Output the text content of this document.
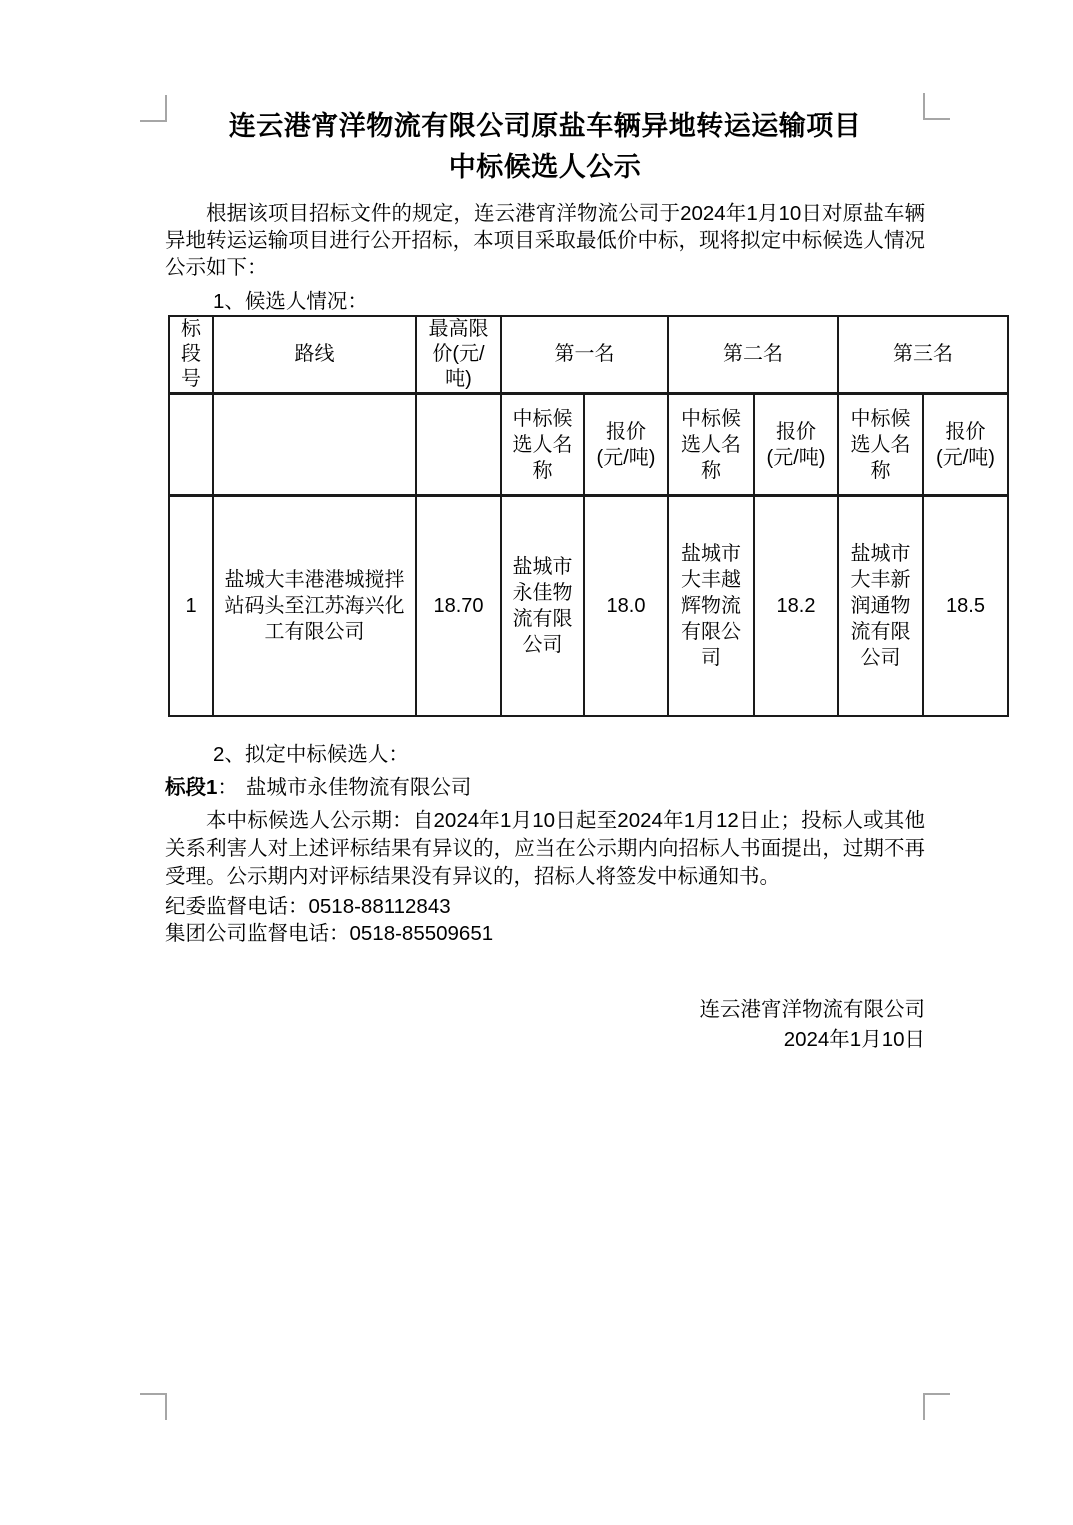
连云港宵洋物流有限公司原盐车辆异地转运运输项目
中标候选人公示
根据该项目招标文件的规定，连云港宵洋物流公司于2024年1月10日对原盐车辆异地转运运输项目进行公开招标，本项目采取最低价中标，现将拟定中标候选人情况公示如下：
1、候选人情况：
标段号	路线	最高限价(元/吨)	第一名		第二名		第三名	
			中标候选人名称	报价(元/吨)	中标候选人名称	报价(元/吨)	中标候选人名称	报价(元/吨)
1	盐城大丰港港城搅拌站码头至江苏海兴化工有限公司	18.70	盐城市永佳物流有限公司	18.0	盐城市大丰越辉物流有限公司	18.2	盐城市大丰新润通物流有限公司	18.5
2、拟定中标候选人：
标段1： 盐城市永佳物流有限公司
本中标候选人公示期：自2024年1月10日起至2024年1月12日止；投标人或其他关系利害人对上述评标结果有异议的，应当在公示期内向招标人书面提出，过期不再受理。公示期内对评标结果没有异议的，招标人将签发中标通知书。
纪委监督电话：0518-88112843
集团公司监督电话：0518-85509651
连云港宵洋物流有限公司
2024年1月10日
